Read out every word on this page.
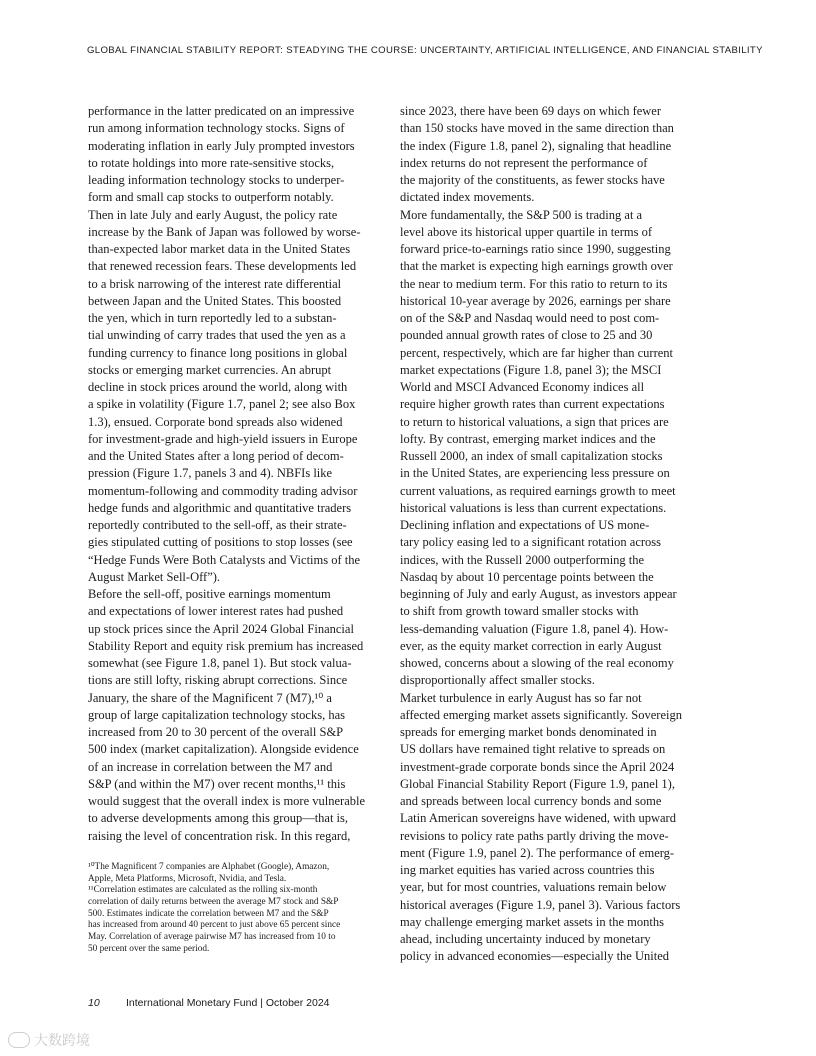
GLOBAL FINANCIAL STABILITY REPORT: STEADYING THE COURSE: UNCERTAINTY, ARTIFICIAL INTELLIGENCE, AND FINANCIAL STABILITY
performance in the latter predicated on an impressive
run among information technology stocks. Signs of
moderating inflation in early July prompted investors
to rotate holdings into more rate-sensitive stocks,
leading information technology stocks to underper-
form and small cap stocks to outperform notably.
Then in late July and early August, the policy rate
increase by the Bank of Japan was followed by worse-
than-expected labor market data in the United States
that renewed recession fears. These developments led
to a brisk narrowing of the interest rate differential
between Japan and the United States. This boosted
the yen, which in turn reportedly led to a substan-
tial unwinding of carry trades that used the yen as a
funding currency to finance long positions in global
stocks or emerging market currencies. An abrupt
decline in stock prices around the world, along with
a spike in volatility (Figure 1.7, panel 2; see also Box
1.3), ensued. Corporate bond spreads also widened
for investment-grade and high-yield issuers in Europe
and the United States after a long period of decom-
pression (Figure 1.7, panels 3 and 4). NBFIs like
momentum-following and commodity trading advisor
hedge funds and algorithmic and quantitative traders
reportedly contributed to the sell-off, as their strate-
gies stipulated cutting of positions to stop losses (see
“Hedge Funds Were Both Catalysts and Victims of the
August Market Sell-Off”).
Before the sell-off, positive earnings momentum
and expectations of lower interest rates had pushed
up stock prices since the April 2024 Global Financial
Stability Report and equity risk premium has increased
somewhat (see Figure 1.8, panel 1). But stock valua-
tions are still lofty, risking abrupt corrections. Since
January, the share of the Magnificent 7 (M7),¹⁰ a
group of large capitalization technology stocks, has
increased from 20 to 30 percent of the overall S&P
500 index (market capitalization). Alongside evidence
of an increase in correlation between the M7 and
S&P (and within the M7) over recent months,¹¹ this
would suggest that the overall index is more vulnerable
to adverse developments among this group—that is,
raising the level of concentration risk. In this regard,
since 2023, there have been 69 days on which fewer
than 150 stocks have moved in the same direction than
the index (Figure 1.8, panel 2), signaling that headline
index returns do not represent the performance of
the majority of the constituents, as fewer stocks have
dictated index movements.
More fundamentally, the S&P 500 is trading at a
level above its historical upper quartile in terms of
forward price-to-earnings ratio since 1990, suggesting
that the market is expecting high earnings growth over
the near to medium term. For this ratio to return to its
historical 10-year average by 2026, earnings per share
on of the S&P and Nasdaq would need to post com-
pounded annual growth rates of close to 25 and 30
percent, respectively, which are far higher than current
market expectations (Figure 1.8, panel 3); the MSCI
World and MSCI Advanced Economy indices all
require higher growth rates than current expectations
to return to historical valuations, a sign that prices are
lofty. By contrast, emerging market indices and the
Russell 2000, an index of small capitalization stocks
in the United States, are experiencing less pressure on
current valuations, as required earnings growth to meet
historical valuations is less than current expectations.
Declining inflation and expectations of US mone-
tary policy easing led to a significant rotation across
indices, with the Russell 2000 outperforming the
Nasdaq by about 10 percentage points between the
beginning of July and early August, as investors appear
to shift from growth toward smaller stocks with
less-demanding valuation (Figure 1.8, panel 4). How-
ever, as the equity market correction in early August
showed, concerns about a slowing of the real economy
disproportionally affect smaller stocks.
Market turbulence in early August has so far not
affected emerging market assets significantly. Sovereign
spreads for emerging market bonds denominated in
US dollars have remained tight relative to spreads on
investment-grade corporate bonds since the April 2024
Global Financial Stability Report (Figure 1.9, panel 1),
and spreads between local currency bonds and some
Latin American sovereigns have widened, with upward
revisions to policy rate paths partly driving the move-
ment (Figure 1.9, panel 2). The performance of emerg-
ing market equities has varied across countries this
year, but for most countries, valuations remain below
historical averages (Figure 1.9, panel 3). Various factors
may challenge emerging market assets in the months
ahead, including uncertainty induced by monetary
policy in advanced economies—especially the United
¹⁰The Magnificent 7 companies are Alphabet (Google), Amazon,
Apple, Meta Platforms, Microsoft, Nvidia, and Tesla.
¹¹Correlation estimates are calculated as the rolling six-month
correlation of daily returns between the average M7 stock and S&P
500. Estimates indicate the correlation between M7 and the S&P
has increased from around 40 percent to just above 65 percent since
May. Correlation of average pairwise M7 has increased from 10 to
50 percent over the same period.
10	International Monetary Fund | October 2024
大数跨境
